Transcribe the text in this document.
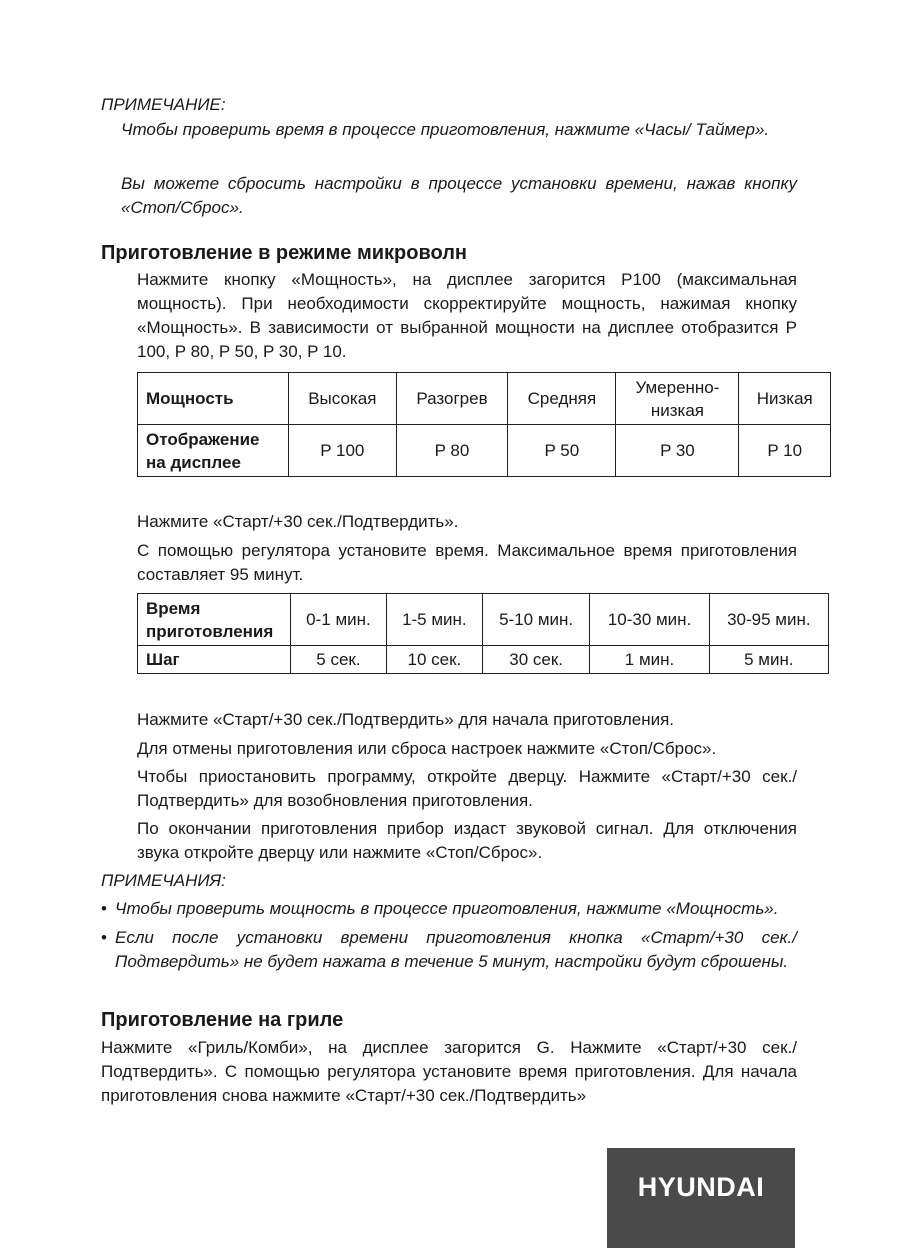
ПРИМЕЧАНИЕ:

Чтобы проверить время в процессе приготовления, нажмите «Часы/ Таймер».

Вы можете сбросить настройки в процессе установки времени, нажав кнопку «Стоп/Сброс».

Приготовление в режиме микроволн

Нажмите кнопку «Мощность», на дисплее загорится P100 (максимальная мощность). При необходимости скорректируйте мощность, нажимая кнопку «Мощность». В зависимости от выбранной мощности на дисплее отобразится P 100, P 80, P 50, P 30, P 10.

Мощность	Высокая	Разогрев	Средняя	Умеренно-низкая	Низкая
Отображение на дисплее	P 100	P 80	P 50	P 30	P 10

Нажмите «Старт/+30 сек./Подтвердить».

С помощью регулятора установите время. Максимальное время приготовления составляет 95 минут.

Время приготовления	0-1 мин.	1-5 мин.	5-10 мин.	10-30 мин.	30-95 мин.
Шаг	5 сек.	10 сек.	30 сек.	1 мин.	5 мин.

Нажмите «Старт/+30 сек./Подтвердить» для начала приготовления.

Для отмены приготовления или сброса настроек нажмите «Стоп/Сброс».

Чтобы приостановить программу, откройте дверцу. Нажмите «Старт/+30 сек./Подтвердить» для возобновления приготовления.

По окончании приготовления прибор издаст звуковой сигнал. Для отключения звука откройте дверцу или нажмите «Стоп/Сброс».

ПРИМЕЧАНИЯ:
• Чтобы проверить мощность в процессе приготовления, нажмите «Мощность».

• Если после установки времени приготовления кнопка «Старт/+30 сек./ Подтвердить» не будет нажата в течение 5 минут, настройки будут сброшены.

Приготовление на гриле

Нажмите «Гриль/Комби», на дисплее загорится G. Нажмите «Старт/+30 сек./ Подтвердить». С помощью регулятора установите время приготовления. Для начала приготовления снова нажмите «Старт/+30 сек./Подтвердить»

HYUNDAI
